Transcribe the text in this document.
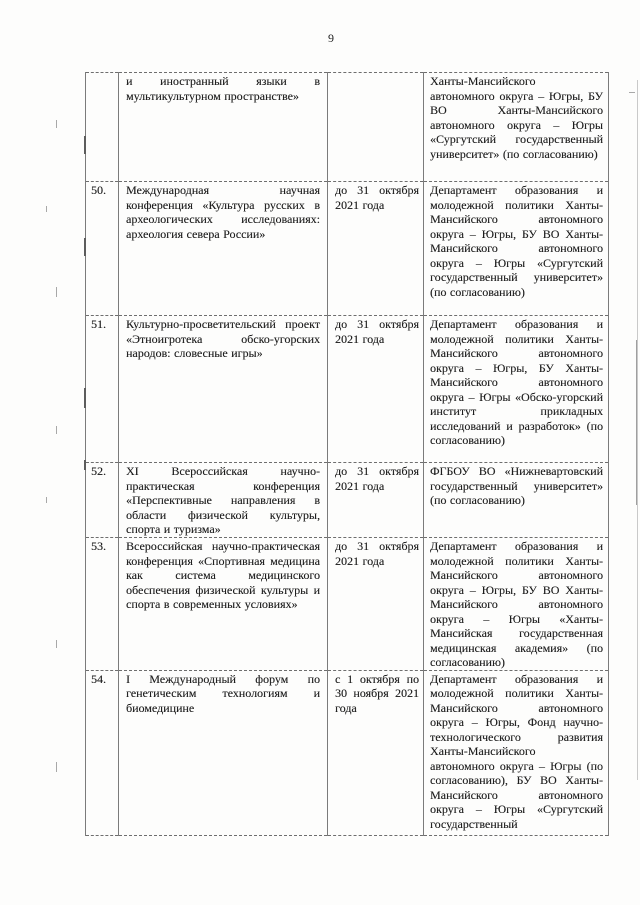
9
	и иностранный языки в мультикультурном пространстве»		Ханты-Мансийского автономного округа – Югры, БУ ВО Ханты-Мансийского автономного округа – Югры «Сургутский государственный университет» (по согласованию)
50.	Международная научная конференция «Культура русских в археологических исследованиях: археология севера России»	до 31 октября 2021 года	Департамент образования и молодежной политики Ханты-Мансийского автономного округа – Югры, БУ ВО Ханты-Мансийского автономного округа – Югры «Сургутский государственный университет» (по согласованию)
51.	Культурно-просветительский проект «Этноигротека обско-угорских народов: словесные игры»	до 31 октября 2021 года	Департамент образования и молодежной политики Ханты-Мансийского автономного округа – Югры, БУ Ханты-Мансийского автономного округа – Югры «Обско-угорский институт прикладных исследований и разработок» (по согласованию)
52.	XI Всероссийская научно-практическая конференция «Перспективные направления в области физической культуры, спорта и туризма»	до 31 октября 2021 года	ФГБОУ ВО «Нижневартовский государственный университет» (по согласованию)
53.	Всероссийская научно-практическая конференция «Спортивная медицина как система медицинского обеспечения физической культуры и спорта в современных условиях»	до 31 октября 2021 года	Департамент образования и молодежной политики Ханты-Мансийского автономного округа – Югры, БУ ВО Ханты-Мансийского автономного округа – Югры «Ханты-Мансийская государственная медицинская академия» (по согласованию)
54.	I Международный форум по генетическим технологиям и биомедицине	с 1 октября по 30 ноября 2021 года	Департамент образования и молодежной политики Ханты-Мансийского автономного округа – Югры, Фонд научно-технологического развития Ханты-Мансийского автономного округа – Югры (по согласованию), БУ ВО Ханты-Мансийского автономного округа – Югры «Сургутский государственный
